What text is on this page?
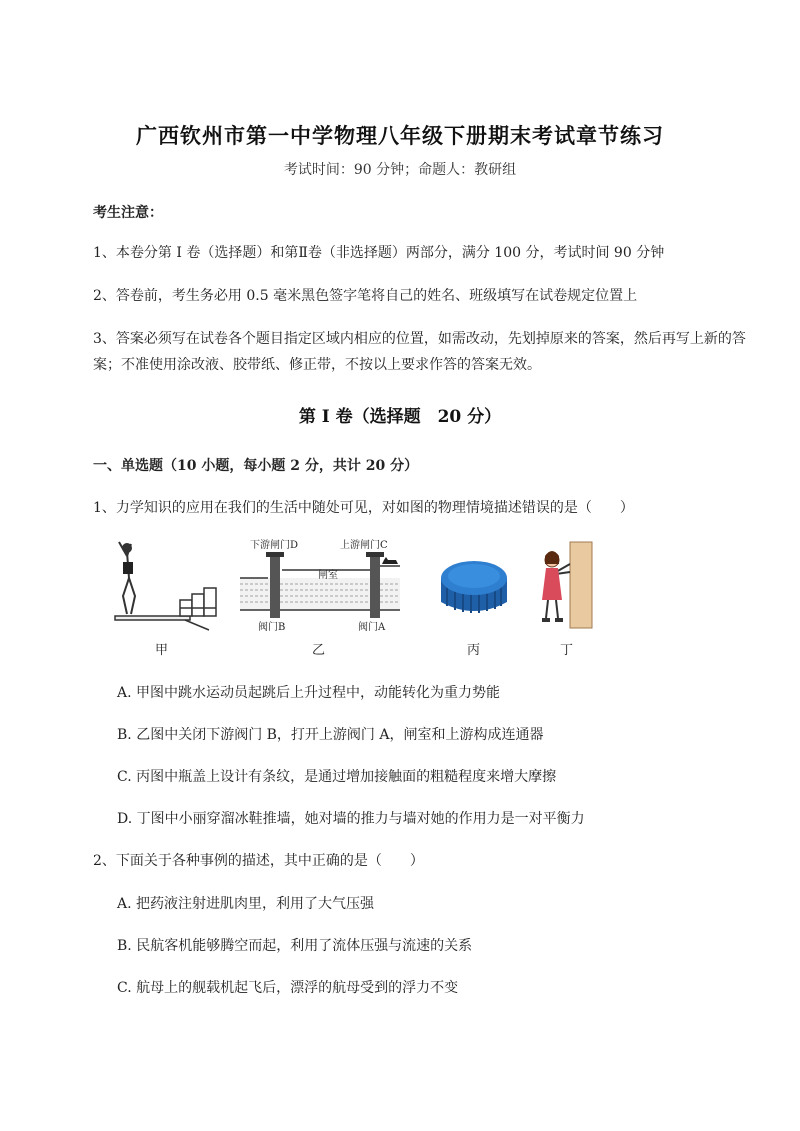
广西钦州市第一中学物理八年级下册期末考试章节练习
考试时间：90 分钟；命题人：教研组
考生注意：
1、本卷分第 I 卷（选择题）和第Ⅱ卷（非选择题）两部分，满分 100 分，考试时间 90 分钟
2、答卷前，考生务必用 0.5 毫米黑色签字笔将自己的姓名、班级填写在试卷规定位置上
3、答案必须写在试卷各个题目指定区域内相应的位置，如需改动，先划掉原来的答案，然后再写上新的答案；不准使用涂改液、胶带纸、修正带，不按以上要求作答的答案无效。
第 I 卷（选择题　20 分）
一、单选题（10 小题，每小题 2 分，共计 20 分）
1、力学知识的应用在我们的生活中随处可见，对如图的物理情境描述错误的是（　　）
甲
下游闸门D	上游闸门C
闸室
阀门B	阀门A
乙	丙	丁
A. 甲图中跳水运动员起跳后上升过程中，动能转化为重力势能
B. 乙图中关闭下游阀门 B，打开上游阀门 A，闸室和上游构成连通器
C. 丙图中瓶盖上设计有条纹，是通过增加接触面的粗糙程度来增大摩擦
D. 丁图中小丽穿溜冰鞋推墙，她对墙的推力与墙对她的作用力是一对平衡力
2、下面关于各种事例的描述，其中正确的是（　　）
A. 把药液注射进肌肉里，利用了大气压强
B. 民航客机能够腾空而起，利用了流体压强与流速的关系
C. 航母上的舰载机起飞后，漂浮的航母受到的浮力不变
